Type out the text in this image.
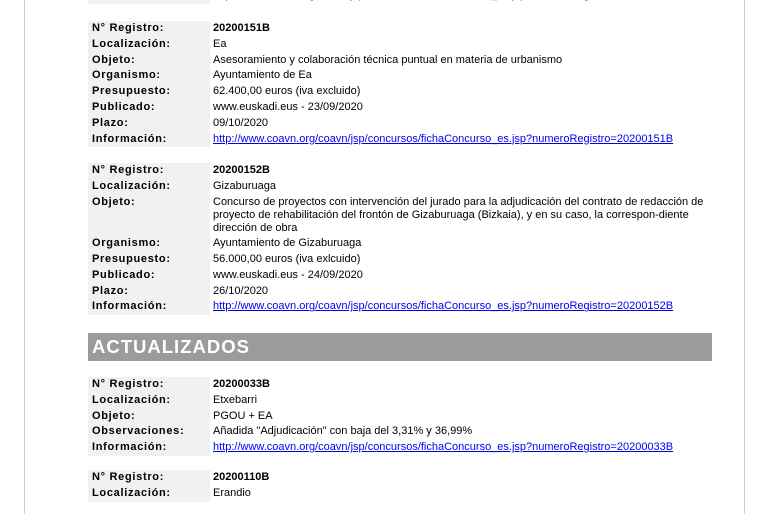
N° Registro:	20200151B
Localización:	Ea
Objeto:	Asesoramiento y colaboración técnica puntual en materia de urbanismo
Organismo:	Ayuntamiento de Ea
Presupuesto:	62.400,00 euros (iva excluido)
Publicado:	www.euskadi.eus - 23/09/2020
Plazo:	09/10/2020
Información:	http://www.coavn.org/coavn/jsp/concursos/fichaConcurso_es.jsp?numeroRegistro=20200151B
N° Registro:	20200152B
Localización:	Gizaburuaga
Objeto:	Concurso de proyectos con intervención del jurado para la adjudicación del contrato de redacción de proyecto de rehabilitación del frontón de Gizaburuaga (Bizkaia), y en su caso, la correspon-diente dirección de obra
Organismo:	Ayuntamiento de Gizaburuaga
Presupuesto:	56.000,00 euros (iva exlcuido)
Publicado:	www.euskadi.eus - 24/09/2020
Plazo:	26/10/2020
Información:	http://www.coavn.org/coavn/jsp/concursos/fichaConcurso_es.jsp?numeroRegistro=20200152B
ACTUALIZADOS
N° Registro:	20200033B
Localización:	Etxebarri
Objeto:	PGOU + EA
Observaciones:	Añadida "Adjudicación" con baja del 3,31% y 36,99%
Información:	http://www.coavn.org/coavn/jsp/concursos/fichaConcurso_es.jsp?numeroRegistro=20200033B
N° Registro:	20200110B
Localización:	Erandio
